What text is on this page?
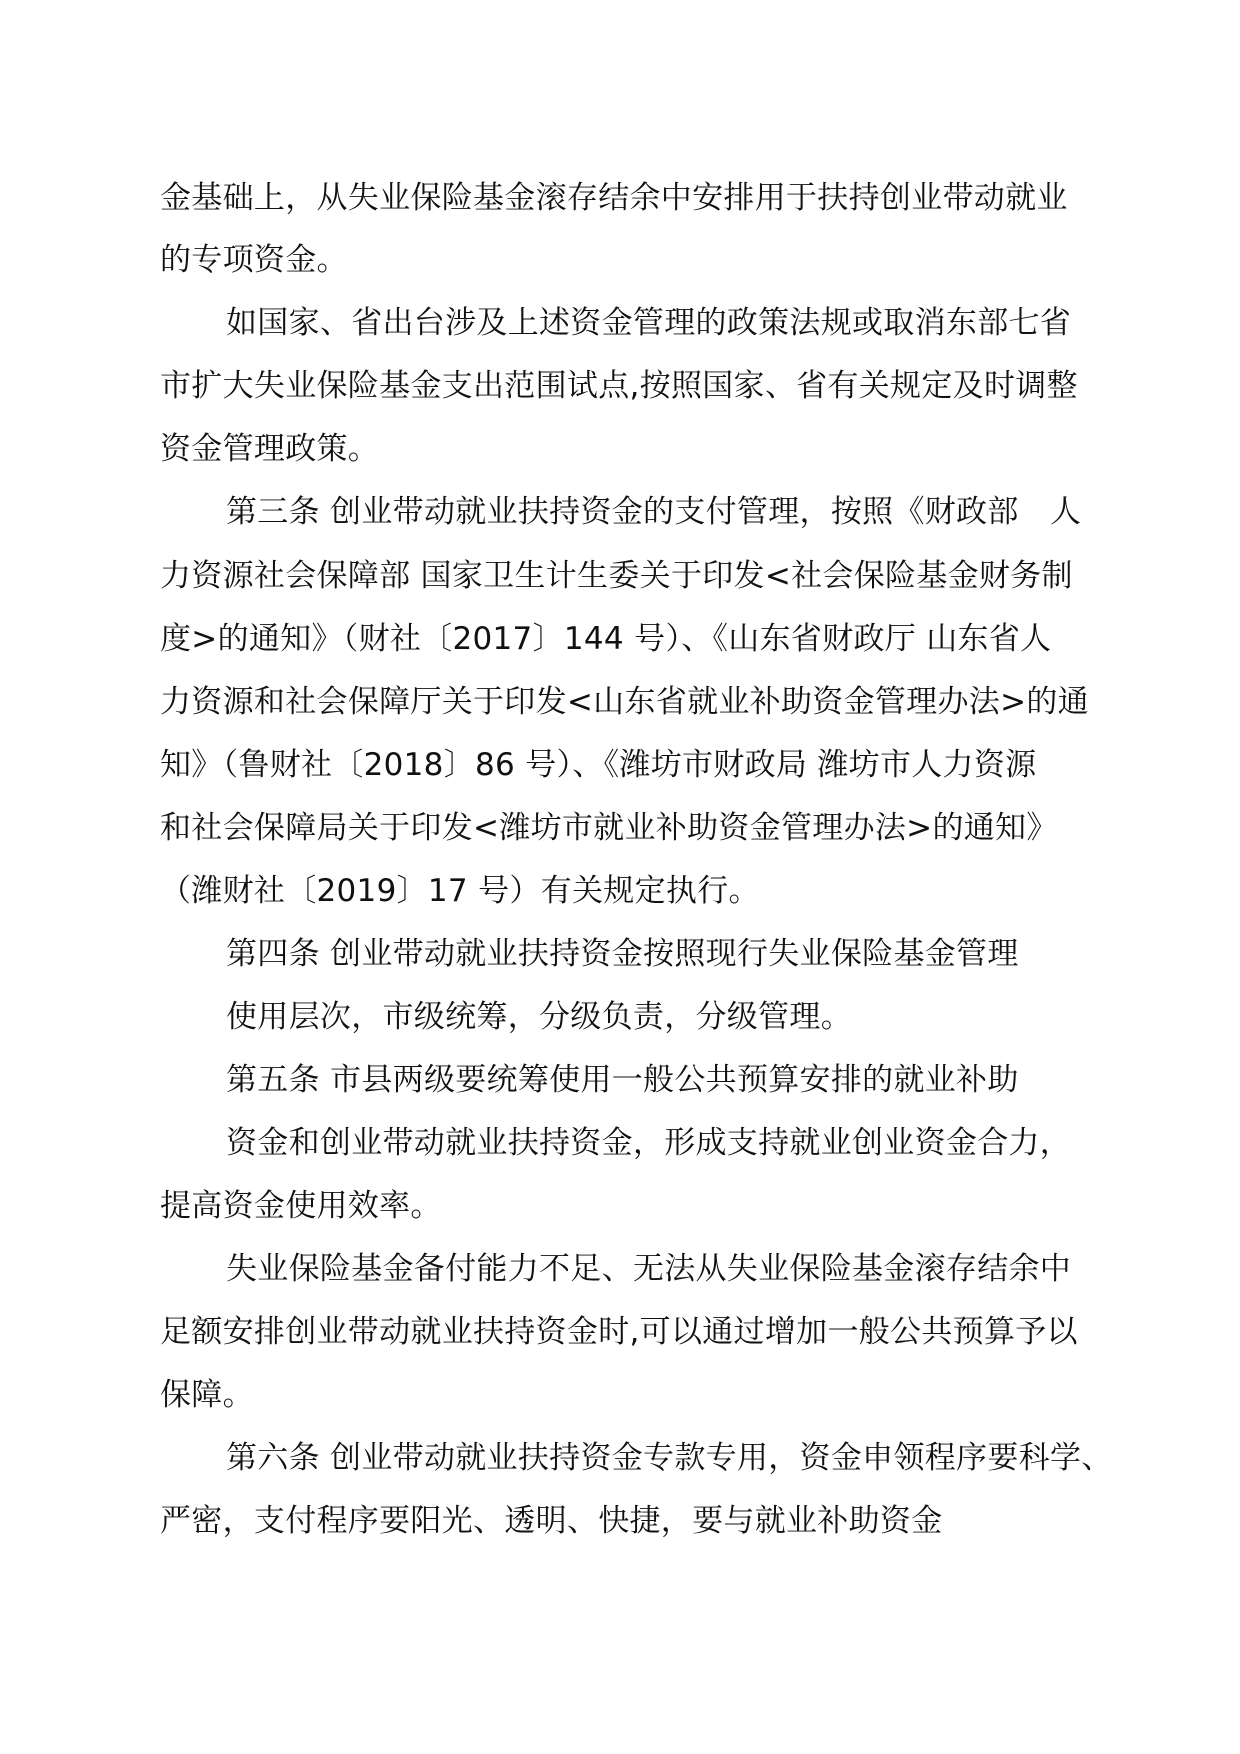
金基础上，从失业保险基金滚存结余中安排用于扶持创业带动就业

的专项资金。

如国家、省出台涉及上述资金管理的政策法规或取消东部七省

市扩大失业保险基金支出范围试点,按照国家、省有关规定及时调整

资金管理政策。

第三条 创业带动就业扶持资金的支付管理，按照《财政部　人

力资源社会保障部 国家卫生计生委关于印发<社会保险基金财务制

度>的通知》（财社〔2017〕144 号）、《山东省财政厅 山东省人

力资源和社会保障厅关于印发<山东省就业补助资金管理办法>的通

知》（鲁财社〔2018〕86 号）、《潍坊市财政局 潍坊市人力资源

和社会保障局关于印发<潍坊市就业补助资金管理办法>的通知》

（潍财社〔2019〕17 号）有关规定执行。

第四条 创业带动就业扶持资金按照现行失业保险基金管理

使用层次，市级统筹，分级负责，分级管理。

第五条 市县两级要统筹使用一般公共预算安排的就业补助

资金和创业带动就业扶持资金，形成支持就业创业资金合力，

提高资金使用效率。

失业保险基金备付能力不足、无法从失业保险基金滚存结余中

足额安排创业带动就业扶持资金时,可以通过增加一般公共预算予以

保障。

第六条 创业带动就业扶持资金专款专用，资金申领程序要科学、

严密，支付程序要阳光、透明、快捷，要与就业补助资金
